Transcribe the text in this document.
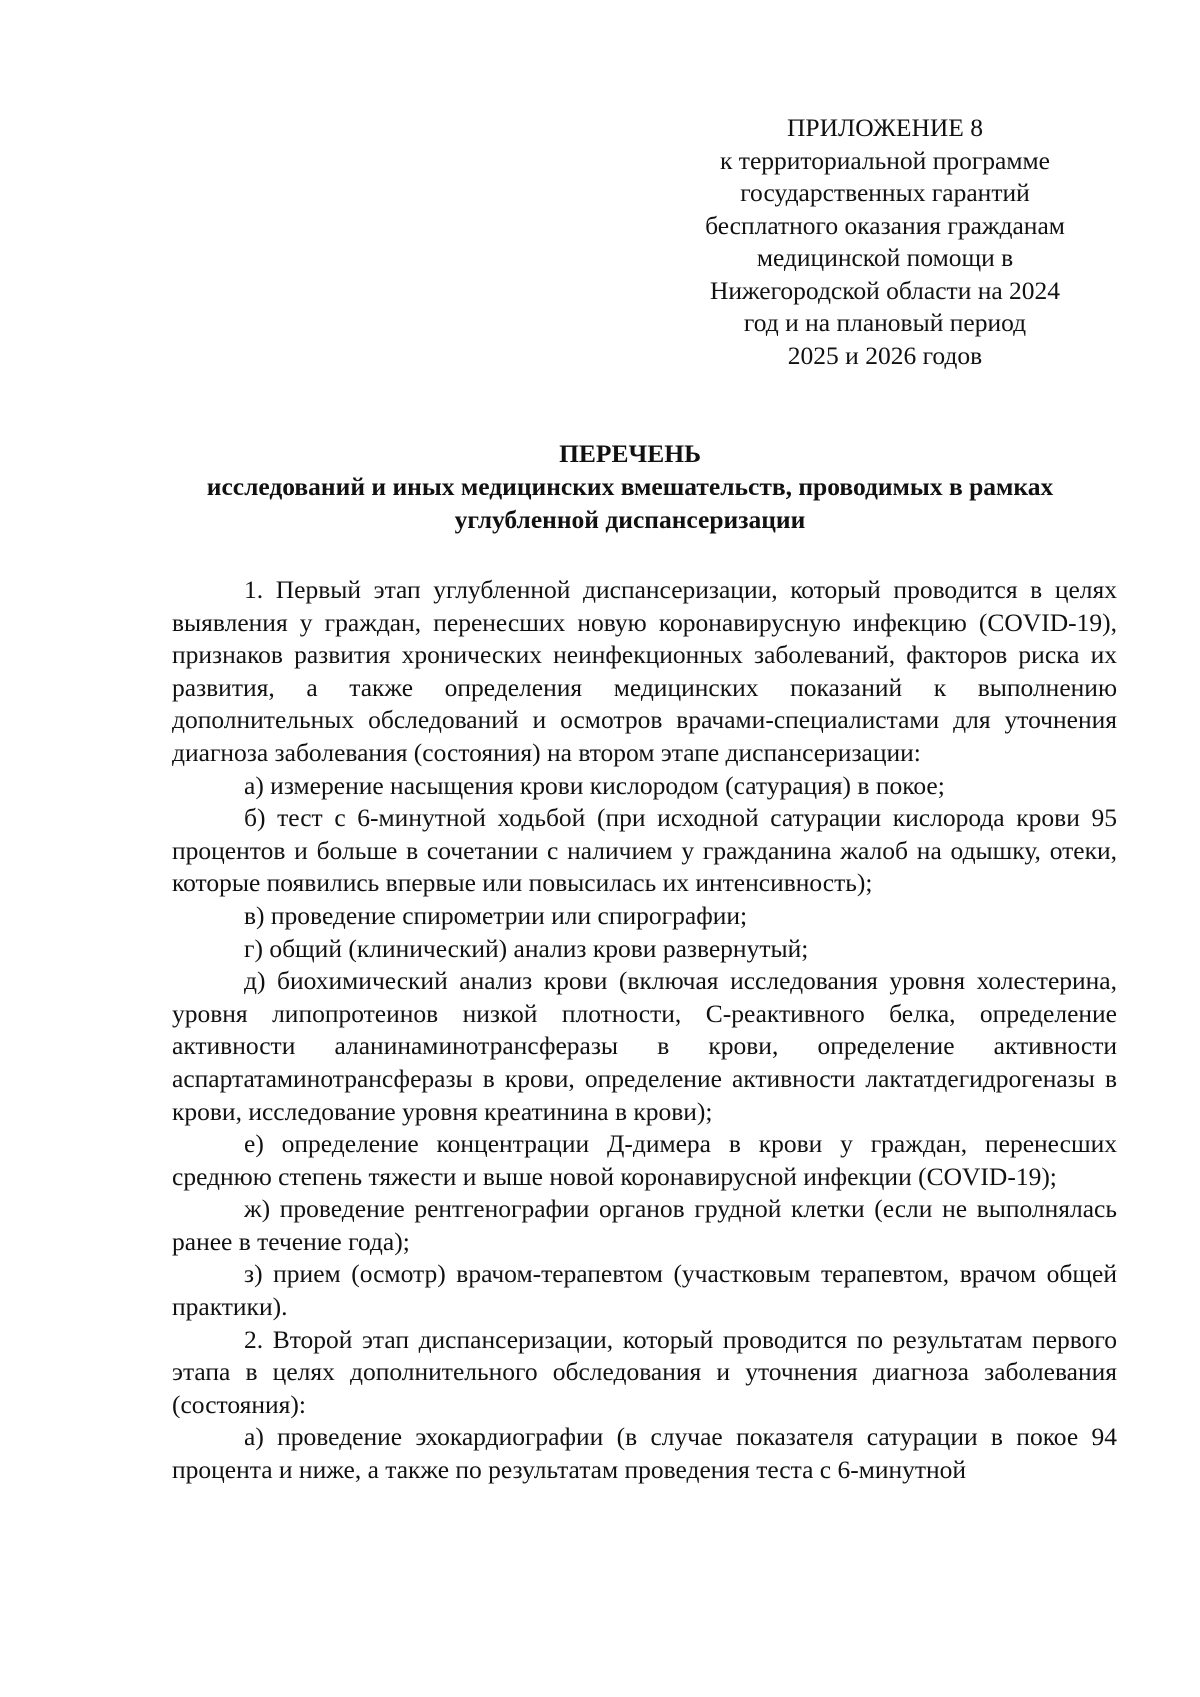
ПРИЛОЖЕНИЕ 8
к территориальной программе
государственных гарантий
бесплатного оказания гражданам
медицинской помощи в
Нижегородской области на 2024
год и на плановый период
2025 и 2026 годов
ПЕРЕЧЕНЬ
исследований и иных медицинских вмешательств, проводимых в рамках
углубленной диспансеризации

1. Первый этап углубленной диспансеризации, который проводится в целях выявления у граждан, перенесших новую коронавирусную инфекцию (COVID-19), признаков развития хронических неинфекционных заболеваний, факторов риска их развития, а также определения медицинских показаний к выполнению дополнительных обследований и осмотров врачами-специалистами для уточнения диагноза заболевания (состояния) на втором этапе диспансеризации:

а) измерение насыщения крови кислородом (сатурация) в покое;

б) тест с 6-минутной ходьбой (при исходной сатурации кислорода крови 95 процентов и больше в сочетании с наличием у гражданина жалоб на одышку, отеки, которые появились впервые или повысилась их интенсивность);

в) проведение спирометрии или спирографии;

г) общий (клинический) анализ крови развернутый;

д) биохимический анализ крови (включая исследования уровня холестерина, уровня липопротеинов низкой плотности, С-реактивного белка, определение активности аланинаминотрансферазы в крови, определение активности аспартатаминотрансферазы в крови, определение активности лактатдегидрогеназы в крови, исследование уровня креатинина в крови);

е) определение концентрации Д-димера в крови у граждан, перенесших среднюю степень тяжести и выше новой коронавирусной инфекции (COVID-19);

ж) проведение рентгенографии органов грудной клетки (если не выполнялась ранее в течение года);

з) прием (осмотр) врачом-терапевтом (участковым терапевтом, врачом общей практики).

2. Второй этап диспансеризации, который проводится по результатам первого этапа в целях дополнительного обследования и уточнения диагноза заболевания (состояния):

а) проведение эхокардиографии (в случае показателя сатурации в покое 94 процента и ниже, а также по результатам проведения теста с 6-минутной
